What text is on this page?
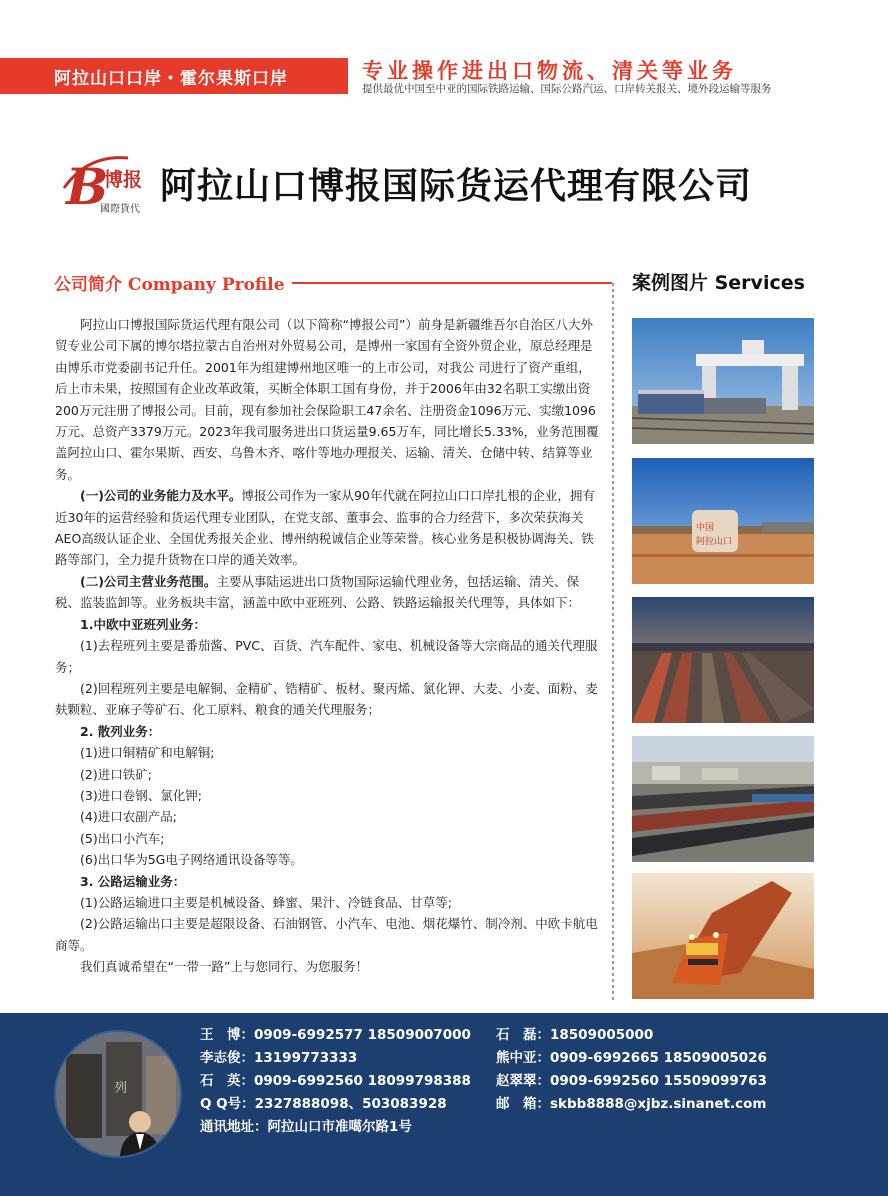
阿拉山口口岸・霍尔果斯口岸	专业操作进出口物流、清关等业务
提供最优中国至中亚的国际铁路运输、国际公路汽运、口岸转关报关、境外段运输等服务
B
博报
國際貨代
阿拉山口博报国际货运代理有限公司
公司简介 Company Profile	案例图片 Services

阿拉山口博报国际货运代理有限公司（以下简称“博报公司”）前身是新疆维吾尔自治区八大外贸专业公司下属的博尔塔拉蒙古自治州对外贸易公司，是博州一家国有全资外贸企业，原总经理是由博乐市党委副书记升任。2001年为组建博州地区唯一的上市公司，对我公 司进行了资产重组，后上市未果，按照国有企业改革政策，买断全体职工国有身份，并于2006年由32名职工实缴出资200万元注册了博报公司。目前，现有参加社会保险职工47余名、注册资金1096万元、实缴1096万元、总资产3379万元。2023年我司服务进出口货运量9.65万车，同比增长5.33%，业务范围覆盖阿拉山口、霍尔果斯、西安、乌鲁木齐、喀什等地办理报关、运输、清关、仓储中转、结算等业务。

(一)公司的业务能力及水平。博报公司作为一家从90年代就在阿拉山口口岸扎根的企业，拥有近30年的运营经验和货运代理专业团队，在党支部、董事会、监事的合力经营下，多次荣获海关AEO高级认证企业、全国优秀报关企业、博州纳税诚信企业等荣誉。核心业务是积极协调海关、铁路等部门，全力提升货物在口岸的通关效率。

(二)公司主营业务范围。主要从事陆运进出口货物国际运输代理业务，包括运输、清关、保税、监装监卸等。业务板块丰富，涵盖中欧中亚班列、公路、铁路运输报关代理等，具体如下：

1.中欧中亚班列业务：

(1)去程班列主要是番茄酱、PVC、百货、汽车配件、家电、机械设备等大宗商品的通关代理服务；

(2)回程班列主要是电解铜、金精矿、锆精矿、板材、聚丙烯、氯化钾、大麦、小麦、面粉、麦麸颗粒、亚麻子等矿石、化工原料、粮食的通关代理服务；

2. 散列业务：

(1)进口铜精矿和电解铜;

(2)进口铁矿;

(3)进口卷钢、氯化钾;

(4)进口农副产品;

(5)出口小汽车;

(6)出口华为5G电子网络通讯设备等等。

3. 公路运输业务：

(1)公路运输进口主要是机械设备、蜂蜜、果汁、冷链食品、甘草等;

(2)公路运输出口主要是超限设备、石油钢管、小汽车、电池、烟花爆竹、制冷剂、中欧卡航电商等。

我们真诚希望在“一带一路”上与您同行、为您服务！

中国
阿拉山口
列
王　博：0909-6992577 18509007000 石　磊：18509005000
李志俊：13199773333	熊中亚：0909-6992665 18509005026
石　英：0909-6992560 18099798388 赵翠翠：0909-6992560 15509099763
Q Q号：2327888098、503083928	邮　箱：skbb8888@xjbz.sinanet.com
通讯地址：阿拉山口市准噶尔路1号
